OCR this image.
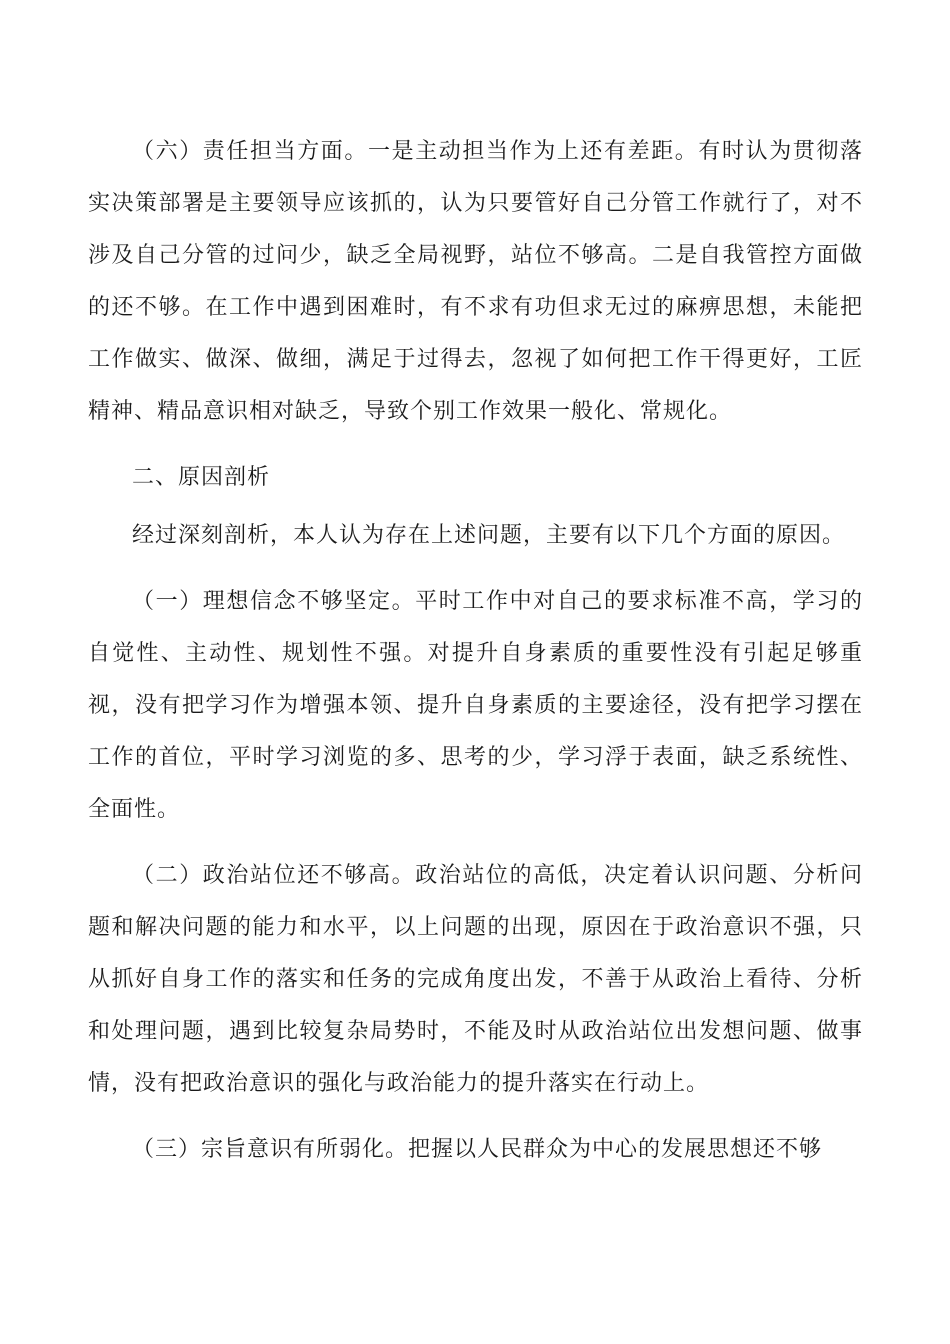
（六）责任担当方面。一是主动担当作为上还有差距。有时认为贯彻落实决策部署是主要领导应该抓的，认为只要管好自己分管工作就行了，对不涉及自己分管的过问少，缺乏全局视野，站位不够高。二是自我管控方面做的还不够。在工作中遇到困难时，有不求有功但求无过的麻痹思想，未能把工作做实、做深、做细，满足于过得去，忽视了如何把工作干得更好，工匠精神、精品意识相对缺乏，导致个别工作效果一般化、常规化。

二、原因剖析

经过深刻剖析，本人认为存在上述问题，主要有以下几个方面的原因。

（一）理想信念不够坚定。平时工作中对自己的要求标准不高，学习的自觉性、主动性、规划性不强。对提升自身素质的重要性没有引起足够重视，没有把学习作为增强本领、提升自身素质的主要途径，没有把学习摆在工作的首位，平时学习浏览的多、思考的少，学习浮于表面，缺乏系统性、全面性。

（二）政治站位还不够高。政治站位的高低，决定着认识问题、分析问题和解决问题的能力和水平，以上问题的出现，原因在于政治意识不强，只从抓好自身工作的落实和任务的完成角度出发，不善于从政治上看待、分析和处理问题，遇到比较复杂局势时，不能及时从政治站位出发想问题、做事情，没有把政治意识的强化与政治能力的提升落实在行动上。

（三）宗旨意识有所弱化。把握以人民群众为中心的发展思想还不够
